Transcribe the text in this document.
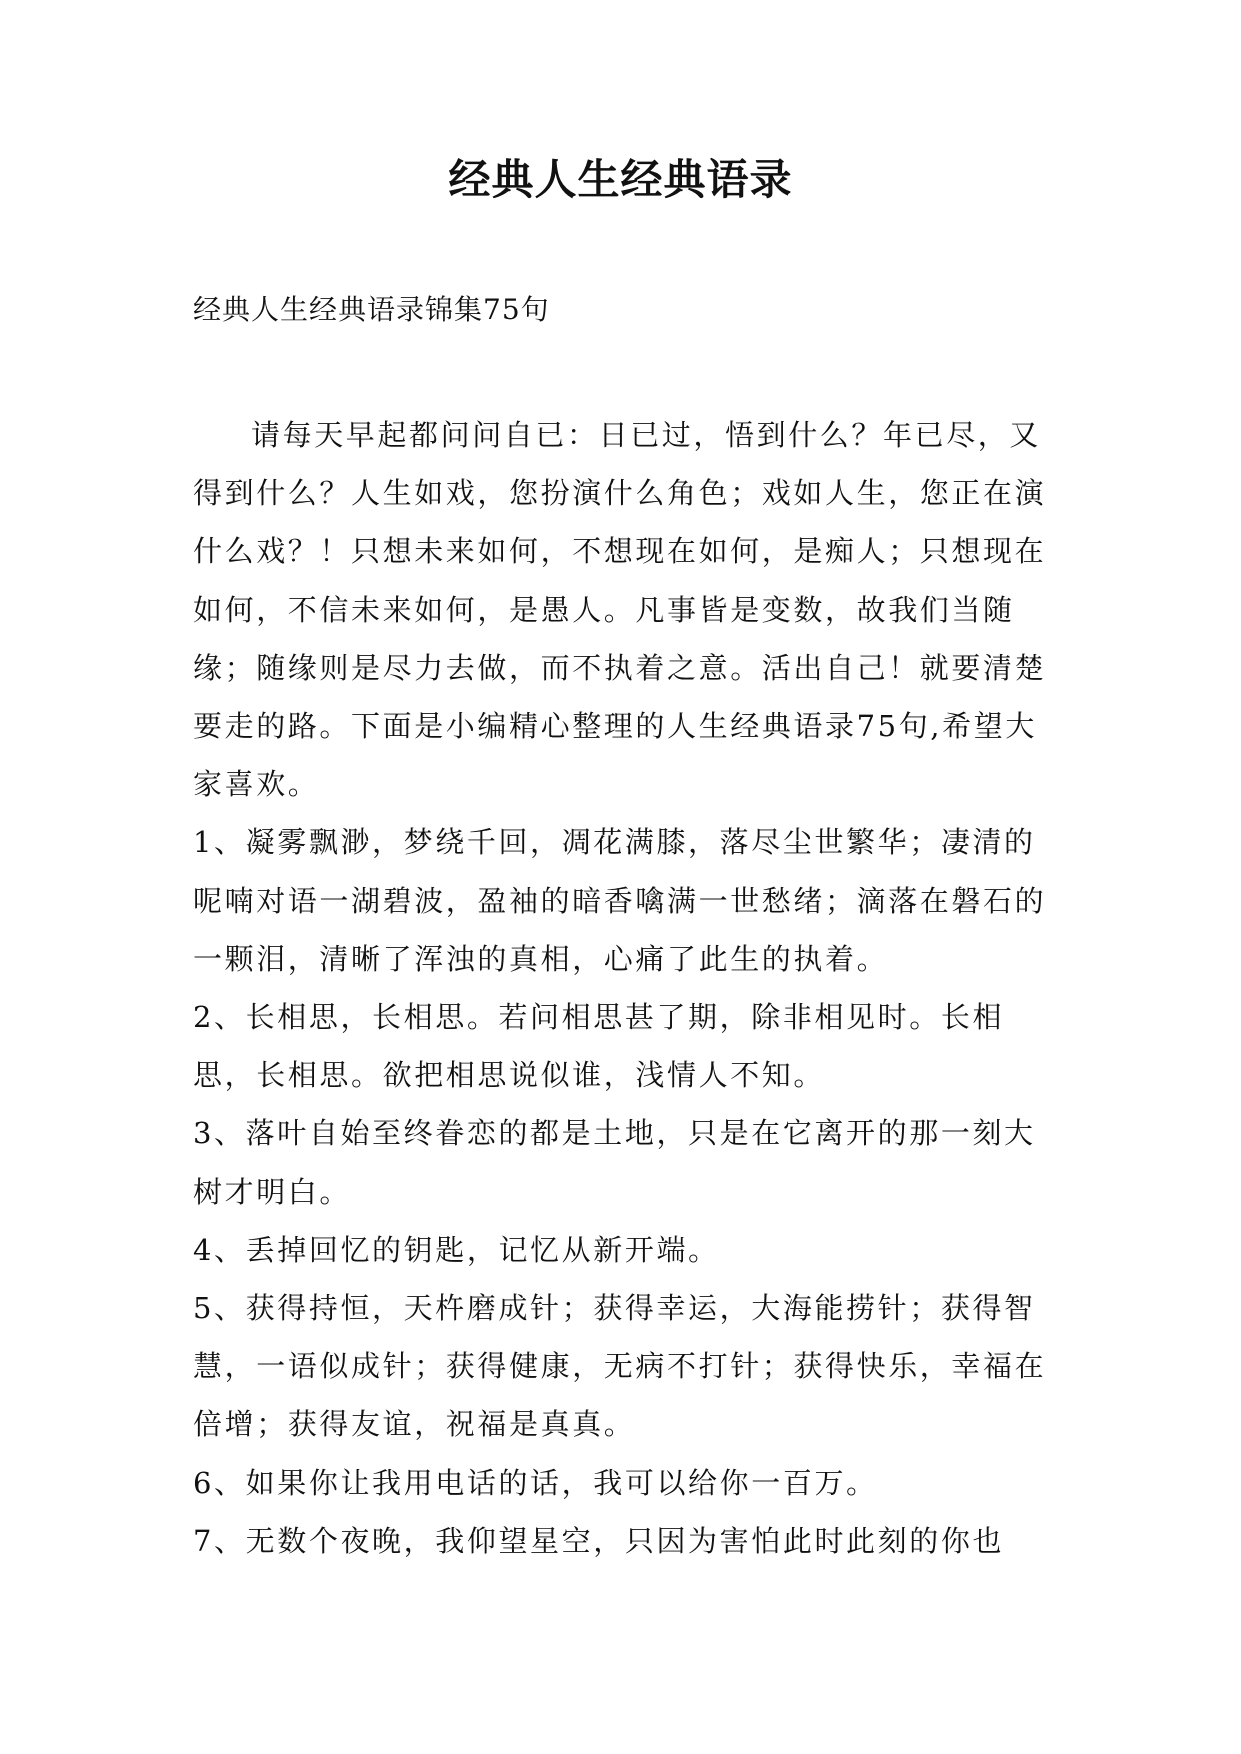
经典人生经典语录
经典人生经典语录锦集75句

请每天早起都问问自已：日已过，悟到什么？年已尽，又得到什么？人生如戏，您扮演什么角色；戏如人生，您正在演什么戏？！只想未来如何，不想现在如何，是痴人；只想现在如何，不信未来如何，是愚人。凡事皆是变数，故我们当随缘；随缘则是尽力去做，而不执着之意。活出自己！就要清楚要走的路。下面是小编精心整理的人生经典语录75句,希望大家喜欢。

1、凝雾飘渺，梦绕千回，凋花满膝，落尽尘世繁华；凄清的呢喃对语一湖碧波，盈袖的暗香噙满一世愁绪；滴落在磐石的一颗泪，清晰了浑浊的真相，心痛了此生的执着。

2、长相思，长相思。若问相思甚了期，除非相见时。长相思，长相思。欲把相思说似谁，浅情人不知。

3、落叶自始至终眷恋的都是土地，只是在它离开的那一刻大树才明白。

4、丢掉回忆的钥匙，记忆从新开端。

5、获得持恒，天杵磨成针；获得幸运，大海能捞针；获得智慧，一语似成针；获得健康，无病不打针；获得快乐，幸福在倍增；获得友谊，祝福是真真。

6、如果你让我用电话的话，我可以给你一百万。

7、无数个夜晚，我仰望星空，只因为害怕此时此刻的你也
